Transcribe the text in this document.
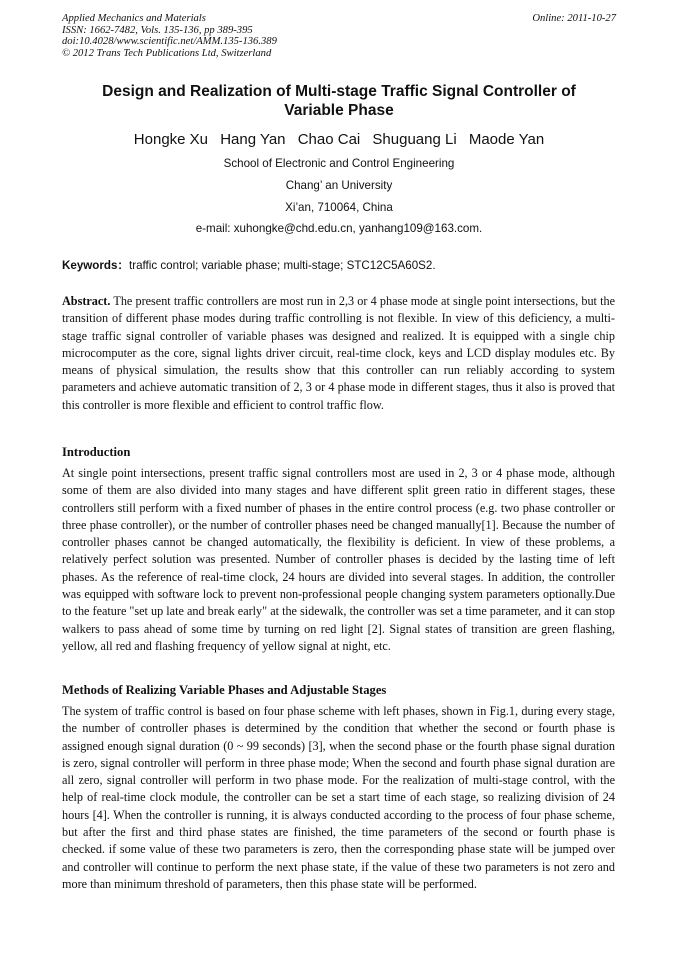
Applied Mechanics and Materials
ISSN: 1662-7482, Vols. 135-136, pp 389-395
doi:10.4028/www.scientific.net/AMM.135-136.389
© 2012 Trans Tech Publications Ltd, Switzerland
Online: 2011-10-27
Design and Realization of Multi-stage Traffic Signal Controller of
Variable Phase
Hongke Xu Hang Yan Chao Cai Shuguang Li Maode Yan
School of Electronic and Control Engineering
Chang’ an University
Xi’an, 710064, China
e-mail: xuhongke@chd.edu.cn, yanhang109@163.com.
Keywords：traffic control; variable phase; multi-stage; STC12C5A60S2.
Abstract. The present traffic controllers are most run in 2,3 or 4 phase mode at single point intersections, but the transition of different phase modes during traffic controlling is not flexible. In view of this deficiency, a multi-stage traffic signal controller of variable phases was designed and realized. It is equipped with a single chip microcomputer as the core, signal lights driver circuit, real-time clock, keys and LCD display modules etc. By means of physical simulation, the results show that this controller can run reliably according to system parameters and achieve automatic transition of 2, 3 or 4 phase mode in different stages, thus it also is proved that this controller is more flexible and efficient to control traffic flow.
Introduction
At single point intersections, present traffic signal controllers most are used in 2, 3 or 4 phase mode, although some of them are also divided into many stages and have different split green ratio in different stages, these controllers still perform with a fixed number of phases in the entire control process (e.g. two phase controller or three phase controller), or the number of controller phases need be changed manually[1]. Because the number of controller phases cannot be changed automatically, the flexibility is deficient. In view of these problems, a relatively perfect solution was presented. Number of controller phases is decided by the lasting time of left phases. As the reference of real-time clock, 24 hours are divided into several stages. In addition, the controller was equipped with software lock to prevent non-professional people changing system parameters optionally.Due to the feature "set up late and break early" at the sidewalk, the controller was set a time parameter, and it can stop walkers to pass ahead of some time by turning on red light [2]. Signal states of transition are green flashing, yellow, all red and flashing frequency of yellow signal at night, etc.
Methods of Realizing Variable Phases and Adjustable Stages
The system of traffic control is based on four phase scheme with left phases, shown in Fig.1, during every stage, the number of controller phases is determined by the condition that whether the second or fourth phase is assigned enough signal duration (0 ~ 99 seconds) [3], when the second phase or the fourth phase signal duration is zero, signal controller will perform in three phase mode; When the second and fourth phase signal duration are all zero, signal controller will perform in two phase mode. For the realization of multi-stage control, with the help of real-time clock module, the controller can be set a start time of each stage, so realizing division of 24 hours [4]. When the controller is running, it is always conducted according to the process of four phase scheme, but after the first and third phase states are finished, the time parameters of the second or fourth phase is checked. if some value of these two parameters is zero, then the corresponding phase state will be jumped over and controller will continue to perform the next phase state, if the value of these two parameters is not zero and more than minimum threshold of parameters, then this phase state will be performed.
